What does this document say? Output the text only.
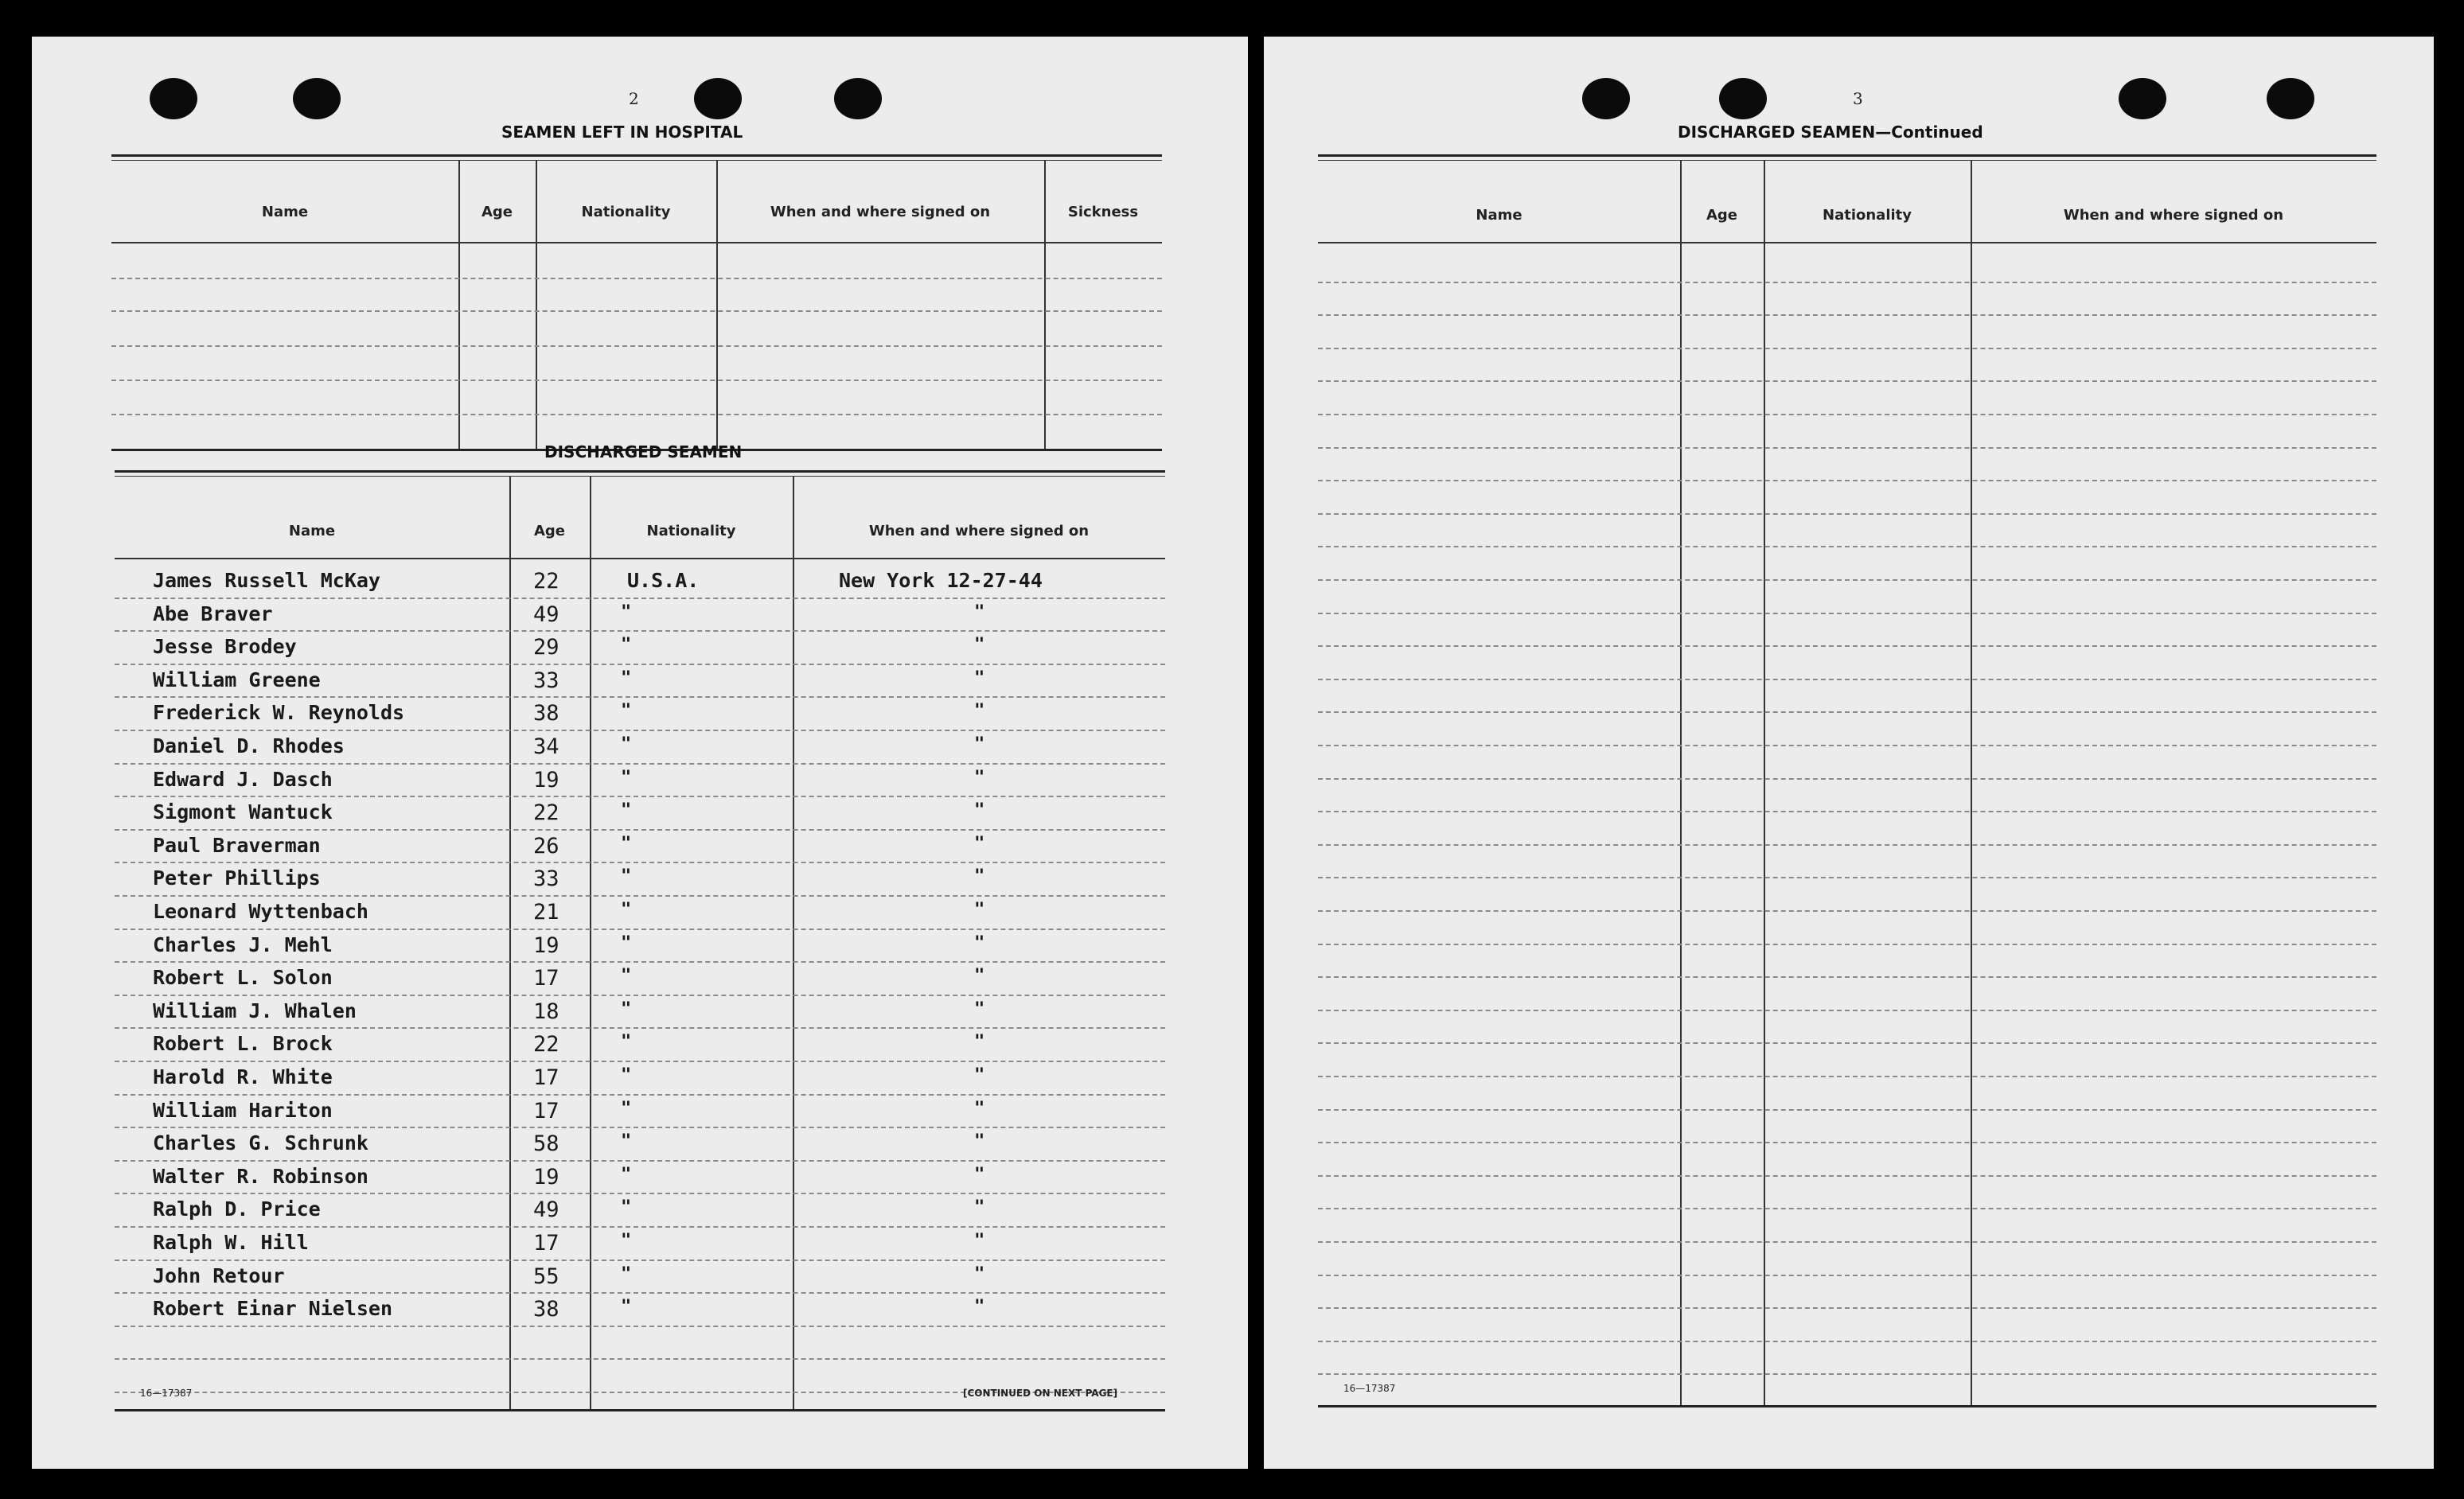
2
SEAMEN LEFT IN HOSPITAL
Name	Age	Nationality	When and where signed on	Sickness
DISCHARGED SEAMEN
Name	Age	Nationality	When and where signed on
James Russell McKay	22	U.S.A.	New York 12-27-44
Abe Braver	49	"	"
Jesse Brodey	29	"	"
William Greene	33	"	"
Frederick W. Reynolds	38	"	"
Daniel D. Rhodes	34	"	"
Edward J. Dasch	19	"	"
Sigmont Wantuck	22	"	"
Paul Braverman	26	"	"
Peter Phillips	33	"	"
Leonard Wyttenbach	21	"	"
Charles J. Mehl	19	"	"
Robert L. Solon	17	"	"
William J. Whalen	18	"	"
Robert L. Brock	22	"	"
Harold R. White	17	"	"
William Hariton	17	"	"
Charles G. Schrunk	58	"	"
Walter R. Robinson	19	"	"
Ralph D. Price	49	"	"
Ralph W. Hill	17	"	"
John Retour	55	"	"
Robert Einar Nielsen	38	"	"
16—17387	[CONTINUED ON NEXT PAGE]
3
DISCHARGED SEAMEN—Continued
Name	Age	Nationality	When and where signed on
16—17387
